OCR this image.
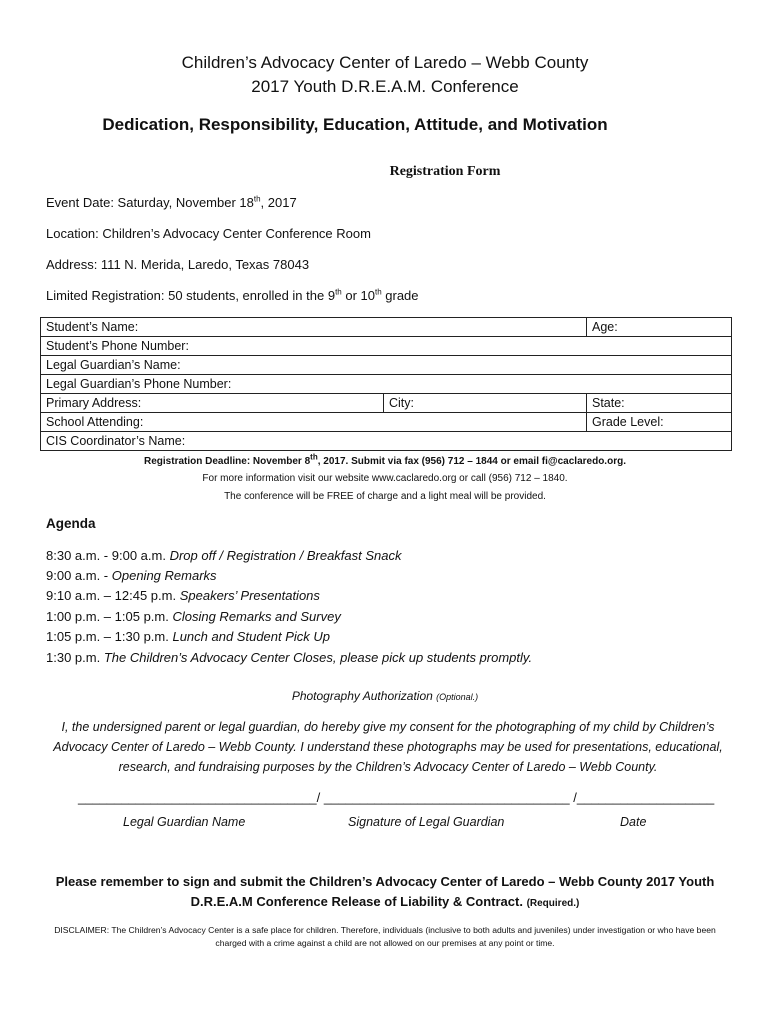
Children’s Advocacy Center of Laredo – Webb County
2017 Youth D.R.E.A.M. Conference
Dedication, Responsibility, Education, Attitude, and Motivation
Registration Form
Event Date: Saturday, November 18th, 2017
Location: Children’s Advocacy Center Conference Room
Address: 111 N. Merida, Laredo, Texas 78043
Limited Registration: 50 students, enrolled in the 9th or 10th grade
Student’s Name:		Age:
Student’s Phone Number:		
Legal Guardian’s Name:		
Legal Guardian’s Phone Number:		
Primary Address:	City:	State:
School Attending:		Grade Level:
CIS Coordinator’s Name:		
Registration Deadline: November 8th, 2017. Submit via fax (956) 712 – 1844 or email fi@caclaredo.org.
For more information visit our website www.caclaredo.org or call (956) 712 – 1840.
The conference will be FREE of charge and a light meal will be provided.
Agenda
8:30 a.m. - 9:00 a.m. Drop off / Registration / Breakfast Snack
9:00 a.m. - Opening Remarks
9:10 a.m. – 12:45 p.m. Speakers’ Presentations
1:00 p.m. – 1:05 p.m. Closing Remarks and Survey
1:05 p.m. – 1:30 p.m. Lunch and Student Pick Up
1:30 p.m. The Children’s Advocacy Center Closes, please pick up students promptly.
Photography Authorization (Optional.)
I, the undersigned parent or legal guardian, do hereby give my consent for the photographing of my child by Children’s Advocacy Center of Laredo – Webb County. I understand these photographs may be used for presentations, educational, research, and fundraising purposes by the Children’s Advocacy Center of Laredo – Webb County.
_________________________________/ __________________________________ /___________________
Legal Guardian Name	Signature of Legal Guardian	Date
Please remember to sign and submit the Children’s Advocacy Center of Laredo – Webb County 2017 Youth D.R.E.A.M Conference Release of Liability & Contract. (Required.)
DISCLAIMER: The Children’s Advocacy Center is a safe place for children. Therefore, individuals (inclusive to both adults and juveniles) under investigation or who have been charged with a crime against a child are not allowed on our premises at any point or time.
